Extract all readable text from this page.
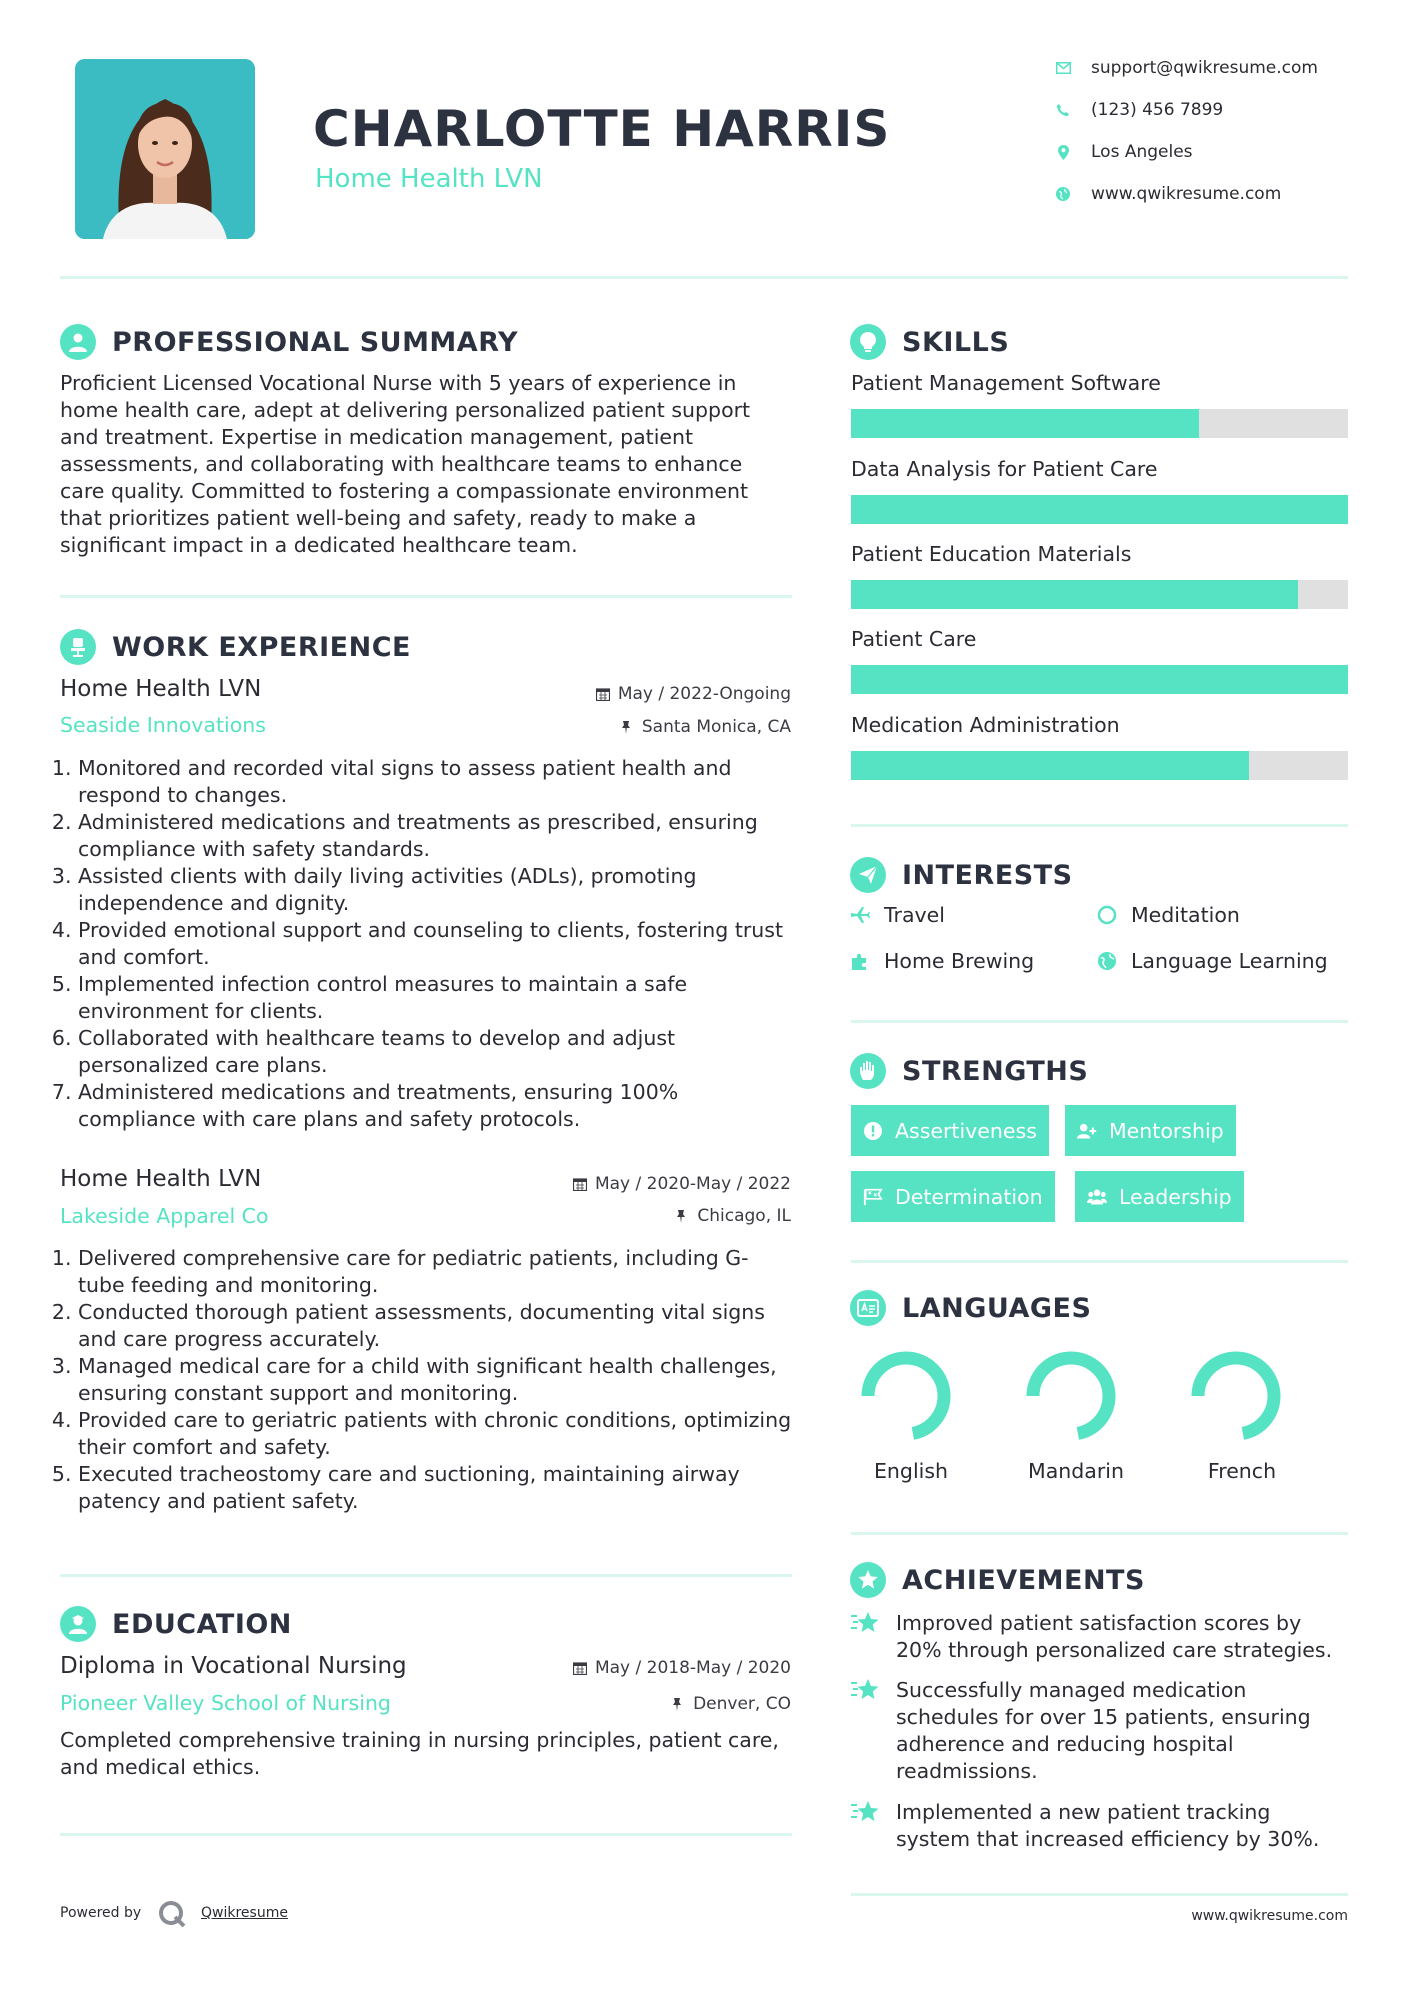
CHARLOTTE HARRIS
Home Health LVN
support@qwikresume.com
(123) 456 7899
Los Angeles
www.qwikresume.com
PROFESSIONAL SUMMARY
Proficient Licensed Vocational Nurse with 5 years of experience in home health care, adept at delivering personalized patient support and treatment. Expertise in medication management, patient assessments, and collaborating with healthcare teams to enhance care quality. Committed to fostering a compassionate environment that prioritizes patient well-being and safety, ready to make a significant impact in a dedicated healthcare team.
WORK EXPERIENCE
Home Health LVN	May / 2022-Ongoing
Seaside Innovations	Santa Monica, CA
1. Monitored and recorded vital signs to assess patient health and respond to changes.
2. Administered medications and treatments as prescribed, ensuring compliance with safety standards.
3. Assisted clients with daily living activities (ADLs), promoting independence and dignity.
4. Provided emotional support and counseling to clients, fostering trust and comfort.
5. Implemented infection control measures to maintain a safe environment for clients.
6. Collaborated with healthcare teams to develop and adjust personalized care plans.
7. Administered medications and treatments, ensuring 100% compliance with care plans and safety protocols.
Home Health LVN	May / 2020-May / 2022
Lakeside Apparel Co	Chicago, IL
1. Delivered comprehensive care for pediatric patients, including G-tube feeding and monitoring.
2. Conducted thorough patient assessments, documenting vital signs and care progress accurately.
3. Managed medical care for a child with significant health challenges, ensuring constant support and monitoring.
4. Provided care to geriatric patients with chronic conditions, optimizing their comfort and safety.
5. Executed tracheostomy care and suctioning, maintaining airway patency and patient safety.
EDUCATION
Diploma in Vocational Nursing	May / 2018-May / 2020
Pioneer Valley School of Nursing	Denver, CO
Completed comprehensive training in nursing principles, patient care, and medical ethics.
SKILLS
Patient Management Software
Data Analysis for Patient Care
Patient Education Materials
Patient Care
Medication Administration
INTERESTS
Travel	Meditation
Home Brewing	Language Learning
STRENGTHS
Assertiveness	Mentorship
Determination	Leadership
LANGUAGES
English	Mandarin	French
ACHIEVEMENTS
Improved patient satisfaction scores by 20% through personalized care strategies.
Successfully managed medication schedules for over 15 patients, ensuring adherence and reducing hospital readmissions.
Implemented a new patient tracking system that increased efficiency by 30%.
Powered by	Qwikresume	www.qwikresume.com
